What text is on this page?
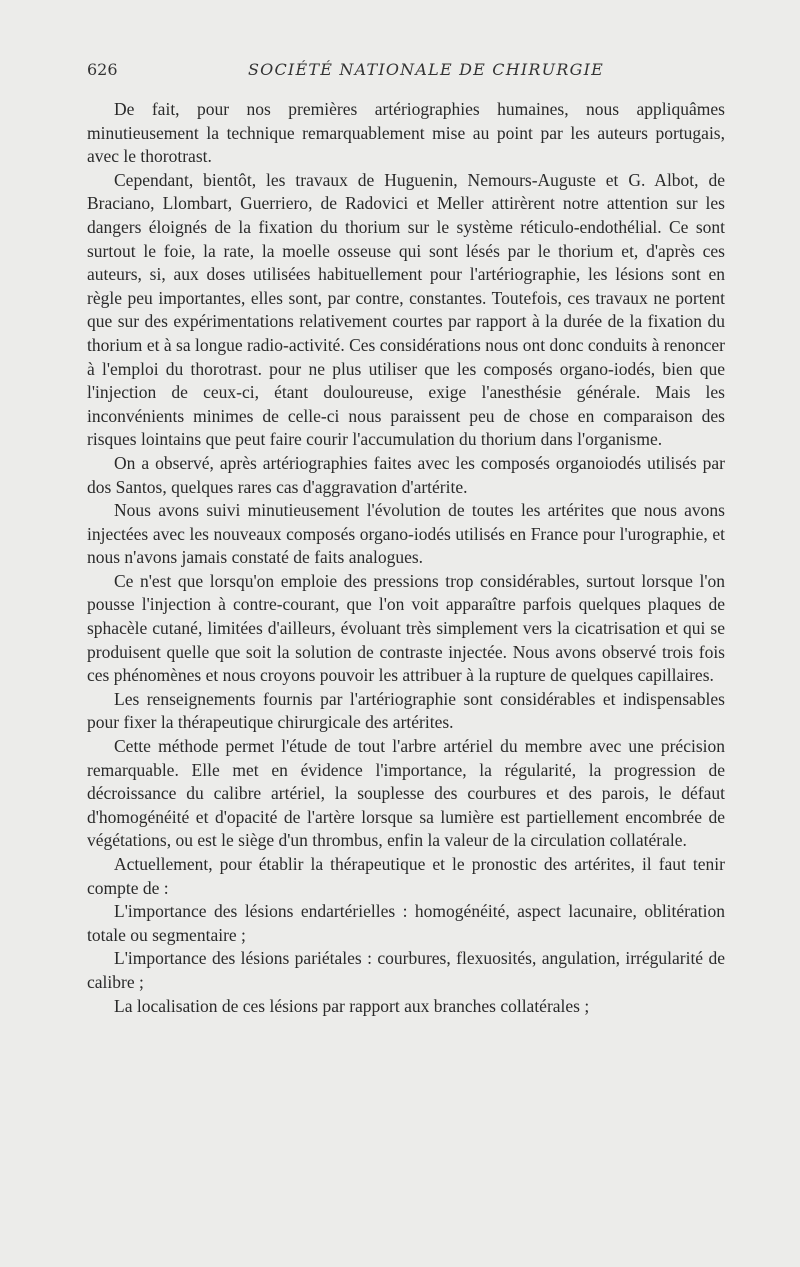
626	SOCIÉTÉ NATIONALE DE CHIRURGIE

De fait, pour nos premières artériographies humaines, nous appliquâmes minutieusement la technique remarquablement mise au point par les auteurs portugais, avec le thorotrast.

Cependant, bientôt, les travaux de Huguenin, Nemours-Auguste et G. Albot, de Braciano, Llombart, Guerriero, de Radovici et Meller attirèrent notre attention sur les dangers éloignés de la fixation du thorium sur le système réticulo-endothélial. Ce sont surtout le foie, la rate, la moelle osseuse qui sont lésés par le thorium et, d'après ces auteurs, si, aux doses utilisées habituellement pour l'artériographie, les lésions sont en règle peu importantes, elles sont, par contre, constantes. Toutefois, ces travaux ne portent que sur des expérimentations relativement courtes par rapport à la durée de la fixation du thorium et à sa longue radio-activité. Ces considérations nous ont donc conduits à renoncer à l'emploi du thorotrast. pour ne plus utiliser que les composés organo-iodés, bien que l'injection de ceux-ci, étant douloureuse, exige l'anesthésie générale. Mais les inconvénients minimes de celle-ci nous paraissent peu de chose en comparaison des risques lointains que peut faire courir l'accumulation du thorium dans l'organisme.

On a observé, après artériographies faites avec les composés organoiodés utilisés par dos Santos, quelques rares cas d'aggravation d'artérite.

Nous avons suivi minutieusement l'évolution de toutes les artérites que nous avons injectées avec les nouveaux composés organo-iodés utilisés en France pour l'urographie, et nous n'avons jamais constaté de faits analogues.

Ce n'est que lorsqu'on emploie des pressions trop considérables, surtout lorsque l'on pousse l'injection à contre-courant, que l'on voit apparaître parfois quelques plaques de sphacèle cutané, limitées d'ailleurs, évoluant très simplement vers la cicatrisation et qui se produisent quelle que soit la solution de contraste injectée. Nous avons observé trois fois ces phénomènes et nous croyons pouvoir les attribuer à la rupture de quelques capillaires.

Les renseignements fournis par l'artériographie sont considérables et indispensables pour fixer la thérapeutique chirurgicale des artérites.

Cette méthode permet l'étude de tout l'arbre artériel du membre avec une précision remarquable. Elle met en évidence l'importance, la régularité, la progression de décroissance du calibre artériel, la souplesse des courbures et des parois, le défaut d'homogénéité et d'opacité de l'artère lorsque sa lumière est partiellement encombrée de végétations, ou est le siège d'un thrombus, enfin la valeur de la circulation collatérale.

Actuellement, pour établir la thérapeutique et le pronostic des artérites, il faut tenir compte de :

L'importance des lésions endartérielles : homogénéité, aspect lacunaire, oblitération totale ou segmentaire ;

L'importance des lésions pariétales : courbures, flexuosités, angulation, irrégularité de calibre ;

La localisation de ces lésions par rapport aux branches collatérales ;
